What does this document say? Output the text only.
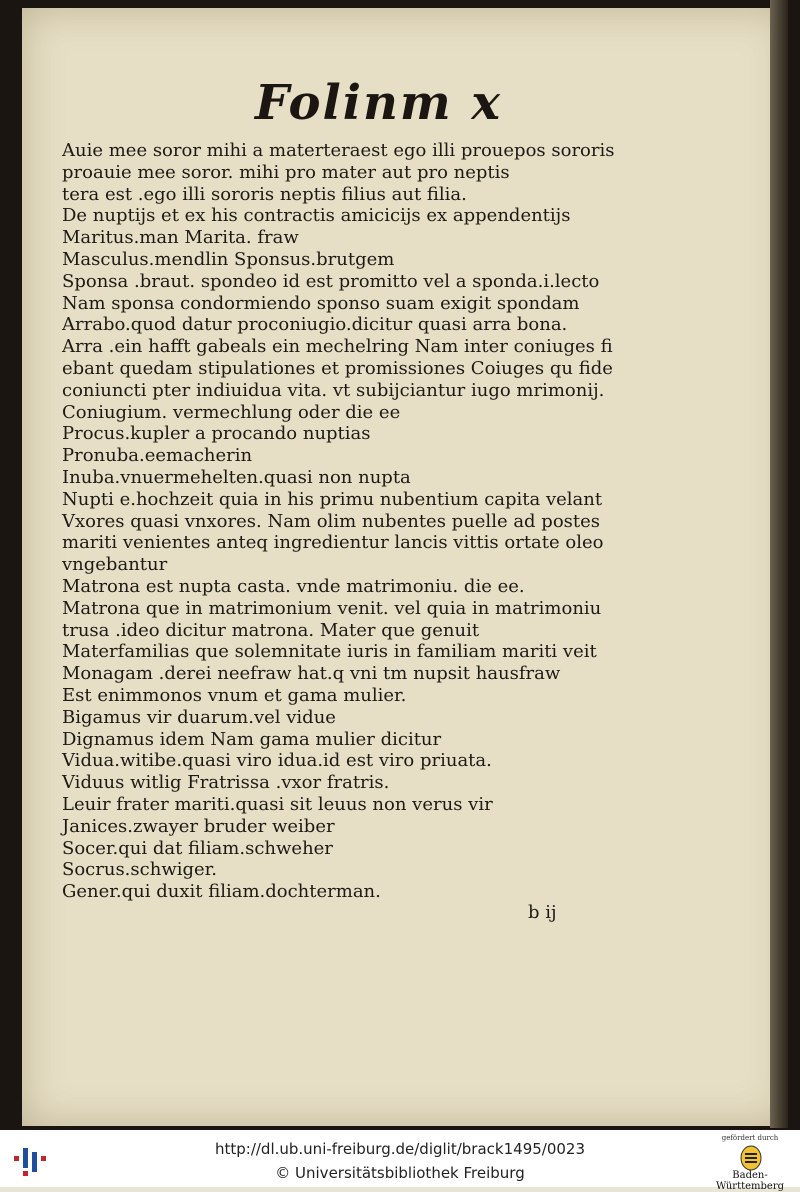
Folinm x
Auie mee soror mihi a materteraest ego illi prouepos sororis
proauie mee soror. mihi pro mater aut pro neptis
tera est .ego illi sororis neptis filius aut filia.
De nuptijs et ex his contractis amicicijs ex appendentijs
Maritus.man Marita. fraw
Masculus.mendlin Sponsus.brutgem
Sponsa .braut. spondeo id est promitto vel a sponda.i.lecto
Nam sponsa condormiendo sponso suam exigit spondam
Arrabo.quod datur proconiugio.dicitur quasi arra bona.
Arra .ein hafft gabeals ein mechelring Nam inter coniuges fi
ebant quedam stipulationes et promissiones Coiuges qu fide
coniuncti pter indiuidua vita. vt subijciantur iugo mrimonij.
Coniugium. vermechlung oder die ee
Procus.kupler a procando nuptias
Pronuba.eemacherin
Inuba.vnuermehelten.quasi non nupta
Nupti e.hochzeit quia in his primu nubentium capita velant
Vxores quasi vnxores. Nam olim nubentes puelle ad postes
mariti venientes anteq ingredientur lancis vittis ortate oleo
vngebantur
Matrona est nupta casta. vnde matrimoniu. die ee.
Matrona que in matrimonium venit. vel quia in matrimoniu
trusa .ideo dicitur matrona. Mater que genuit
Materfamilias que solemnitate iuris in familiam mariti veit
Monagam .derei neefraw hat.q vni tm nupsit hausfraw
Est enimmonos vnum et gama mulier.
Bigamus vir duarum.vel vidue
Dignamus idem Nam gama mulier dicitur
Vidua.witibe.quasi viro idua.id est viro priuata.
Viduus witlig Fratrissa .vxor fratris.
Leuir frater mariti.quasi sit leuus non verus vir
Janices.zwayer bruder weiber
Socer.qui dat filiam.schweher
Socrus.schwiger.
Gener.qui duxit filiam.dochterman.
b ij
http://dl.ub.uni-freiburg.de/diglit/brack1495/0023
© Universitätsbibliothek Freiburg
gefördert durch
Baden-Württemberg
